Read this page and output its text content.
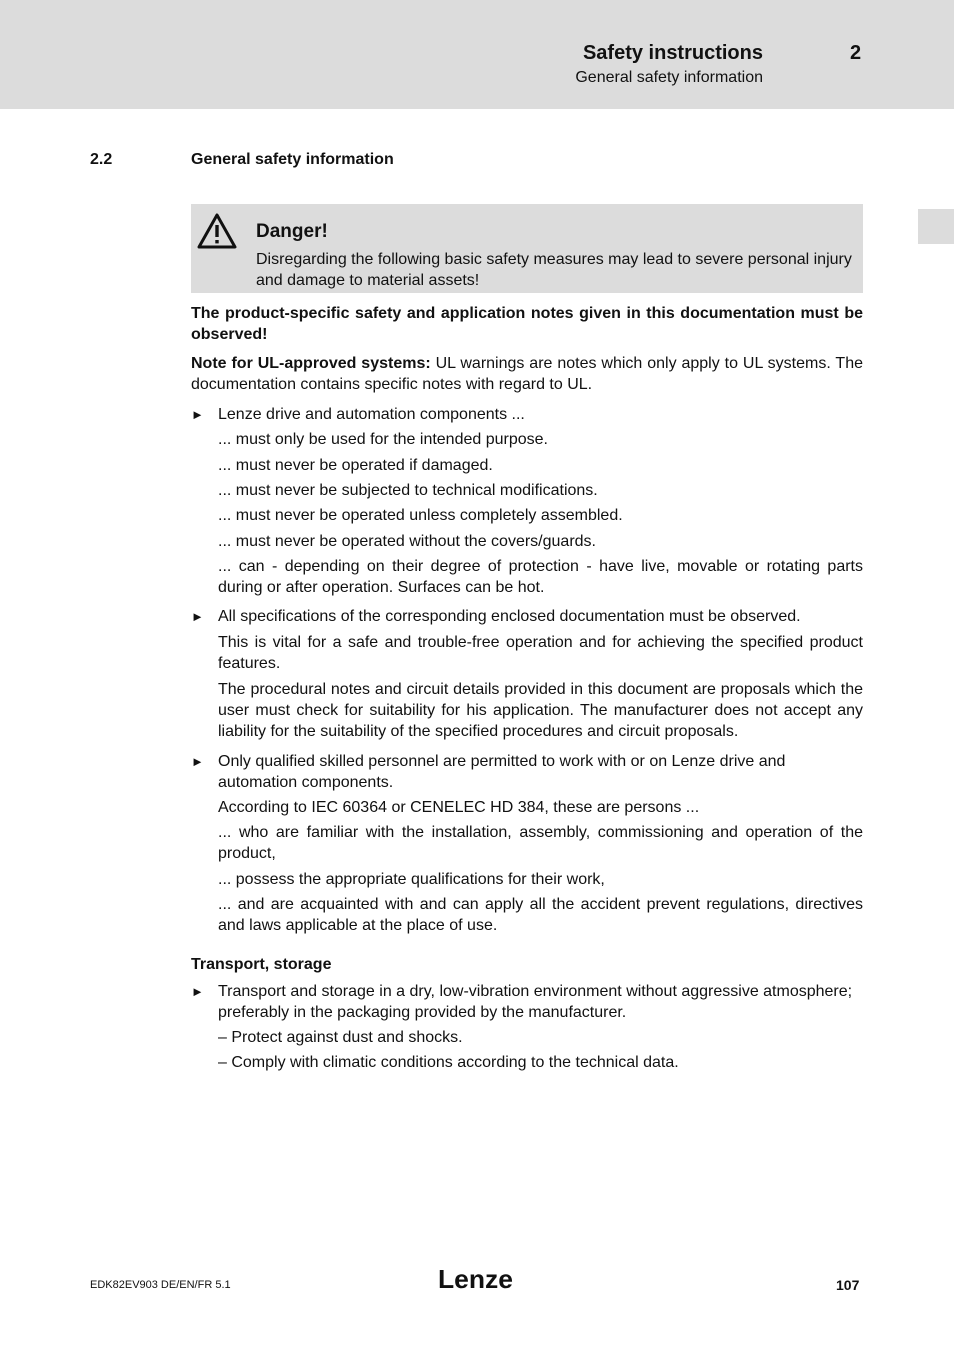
Safety instructions	2
General safety information
2.2	General safety information
Danger!
Disregarding the following basic safety measures may lead to severe personal injury and damage to material assets!

The product-specific safety and application notes given in this documentation must be observed!

Note for UL-approved systems: UL warnings are notes which only apply to UL systems. The documentation contains specific notes with regard to UL.

► Lenze drive and automation components ...

... must only be used for the intended purpose.

... must never be operated if damaged.

... must never be subjected to technical modifications.

... must never be operated unless completely assembled.

... must never be operated without the covers/guards.

... can - depending on their degree of protection - have live, movable or rotating parts during or after operation. Surfaces can be hot.

► All specifications of the corresponding enclosed documentation must be observed.

This is vital for a safe and trouble-free operation and for achieving the specified product features.

The procedural notes and circuit details provided in this document are proposals which the user must check for suitability for his application. The manufacturer does not accept any liability for the suitability of the specified procedures and circuit proposals.

► Only qualified skilled personnel are permitted to work with or on Lenze drive and automation components.

According to IEC 60364 or CENELEC HD 384, these are persons ...

... who are familiar with the installation, assembly, commissioning and operation of the product,

... possess the appropriate qualifications for their work,

... and are acquainted with and can apply all the accident prevent regulations, directives and laws applicable at the place of use.

Transport, storage

► Transport and storage in a dry, low-vibration environment without aggressive atmosphere; preferably in the packaging provided by the manufacturer.

– Protect against dust and shocks.

– Comply with climatic conditions according to the technical data.

EDK82EV903 DE/EN/FR 5.1	Lenze	107
